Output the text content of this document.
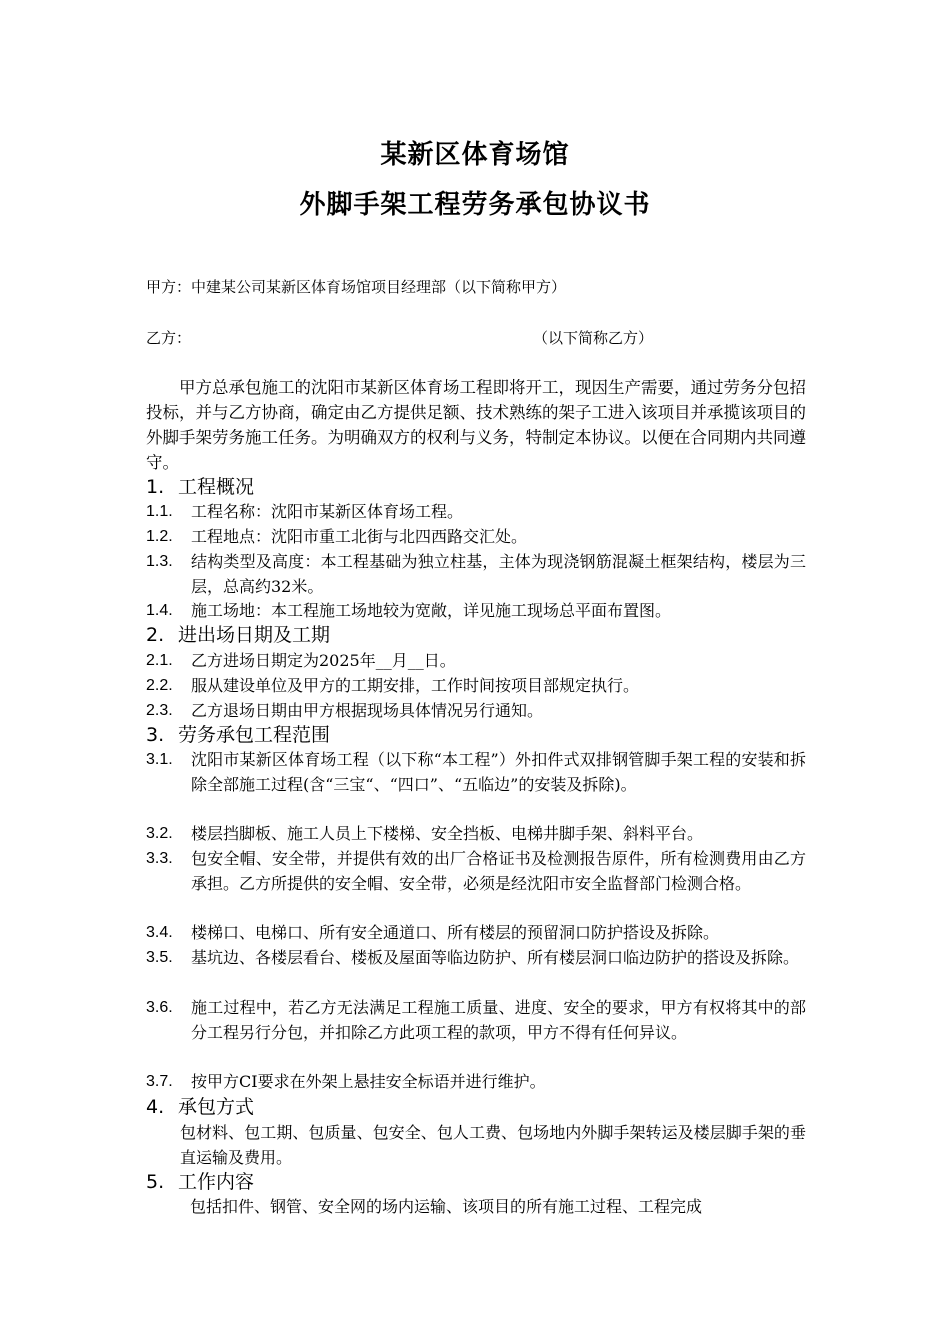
某新区体育场馆
外脚手架工程劳务承包协议书
甲方：中建某公司某新区体育场馆项目经理部（以下简称甲方）
乙方：	（以下简称乙方）
甲方总承包施工的沈阳市某新区体育场工程即将开工，现因生产需要，通过劳务分包招投标，并与乙方协商，确定由乙方提供足额、技术熟练的架子工进入该项目并承揽该项目的外脚手架劳务施工任务。为明确双方的权利与义务，特制定本协议。以便在合同期内共同遵守。
1. 工程概况
1.1. 工程名称：沈阳市某新区体育场工程。
1.2. 工程地点：沈阳市重工北街与北四西路交汇处。
1.3. 结构类型及高度：本工程基础为独立柱基，主体为现浇钢筋混凝土框架结构，楼层为三层，总高约32米。
1.4. 施工场地：本工程施工场地较为宽敞，详见施工现场总平面布置图。
2. 进出场日期及工期
2.1. 乙方进场日期定为2025年__月__日。
2.2. 服从建设单位及甲方的工期安排，工作时间按项目部规定执行。
2.3. 乙方退场日期由甲方根据现场具体情况另行通知。
3. 劳务承包工程范围
3.1. 沈阳市某新区体育场工程（以下称“本工程”）外扣件式双排钢管脚手架工程的安装和拆除全部施工过程(含“三宝“、“四口”、“五临边”的安装及拆除)。
3.2. 楼层挡脚板、施工人员上下楼梯、安全挡板、电梯井脚手架、斜料平台。
3.3. 包安全帽、安全带，并提供有效的出厂合格证书及检测报告原件，所有检测费用由乙方承担。乙方所提供的安全帽、安全带，必须是经沈阳市安全监督部门检测合格。
3.4. 楼梯口、电梯口、所有安全通道口、所有楼层的预留洞口防护搭设及拆除。
3.5. 基坑边、各楼层看台、楼板及屋面等临边防护、所有楼层洞口临边防护的搭设及拆除。
3.6. 施工过程中，若乙方无法满足工程施工质量、进度、安全的要求，甲方有权将其中的部分工程另行分包，并扣除乙方此项工程的款项，甲方不得有任何异议。
3.7. 按甲方CI要求在外架上悬挂安全标语并进行维护。
4. 承包方式
包材料、包工期、包质量、包安全、包人工费、包场地内外脚手架转运及楼层脚手架的垂直运输及费用。
5. 工作内容
包括扣件、钢管、安全网的场内运输、该项目的所有施工过程、工程完成
